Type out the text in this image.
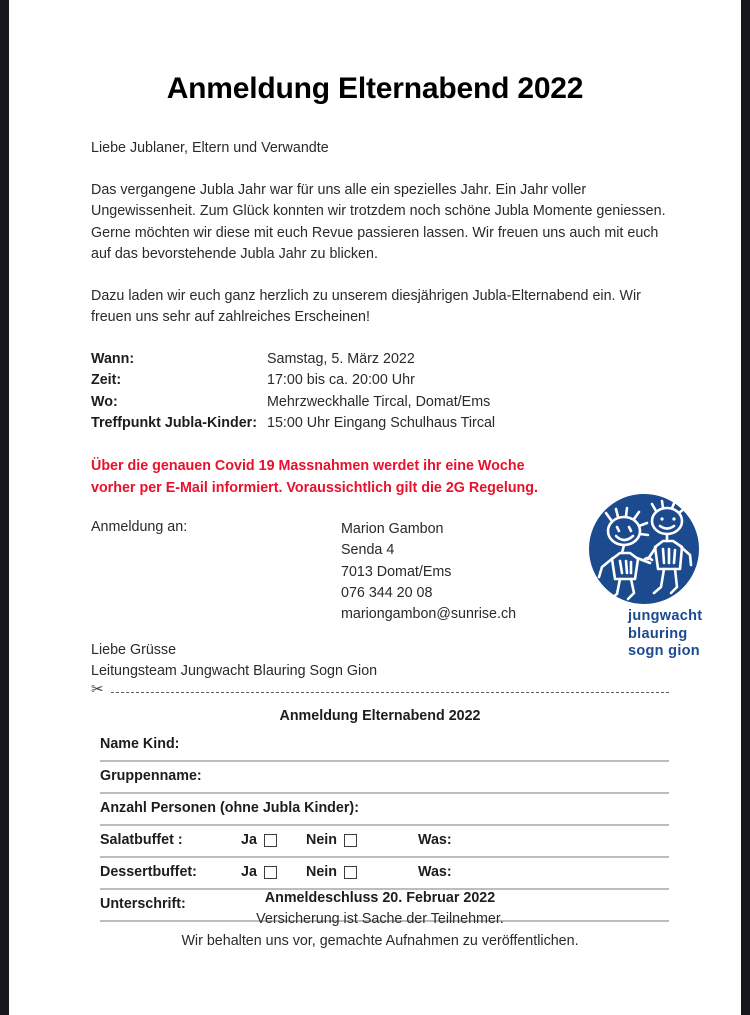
Anmeldung Elternabend 2022
Liebe Jublaner, Eltern und Verwandte
Das vergangene Jubla Jahr war für uns alle ein spezielles Jahr. Ein Jahr voller Ungewissenheit. Zum Glück konnten wir trotzdem noch schöne Jubla Momente geniessen. Gerne möchten wir diese mit euch Revue passieren lassen. Wir freuen uns auch mit euch auf das bevorstehende Jubla Jahr zu blicken.
Dazu laden wir euch ganz herzlich zu unserem diesjährigen Jubla-Elternabend ein. Wir freuen uns sehr auf zahlreiches Erscheinen!
Wann:	Samstag, 5. März 2022
Zeit:	17:00 bis ca. 20:00 Uhr
Wo:	Mehrzweckhalle Tircal, Domat/Ems
Treffpunkt Jubla-Kinder: 15:00 Uhr Eingang Schulhaus Tircal
Über die genauen Covid 19 Massnahmen werdet ihr eine Woche
vorher per E-Mail informiert. Voraussichtlich gilt die 2G Regelung.
Anmeldung an:	Marion Gambon
Senda 4
7013 Domat/Ems
076 344 20 08
mariongambon@sunrise.ch	jungwacht
blauring
sogn gion
Liebe Grüsse
Leitungsteam Jungwacht Blauring Sogn Gion
✂
Anmeldung Elternabend 2022
Name Kind:
Gruppenname:
Anzahl Personen (ohne Jubla Kinder):
Salatbuffet :	Ja	Nein	Was:
Dessertbuffet:	Ja	Nein	Was:
Unterschrift:	Anmeldeschluss 20. Februar 2022
Versicherung ist Sache der Teilnehmer.
Wir behalten uns vor, gemachte Aufnahmen zu veröffentlichen.
